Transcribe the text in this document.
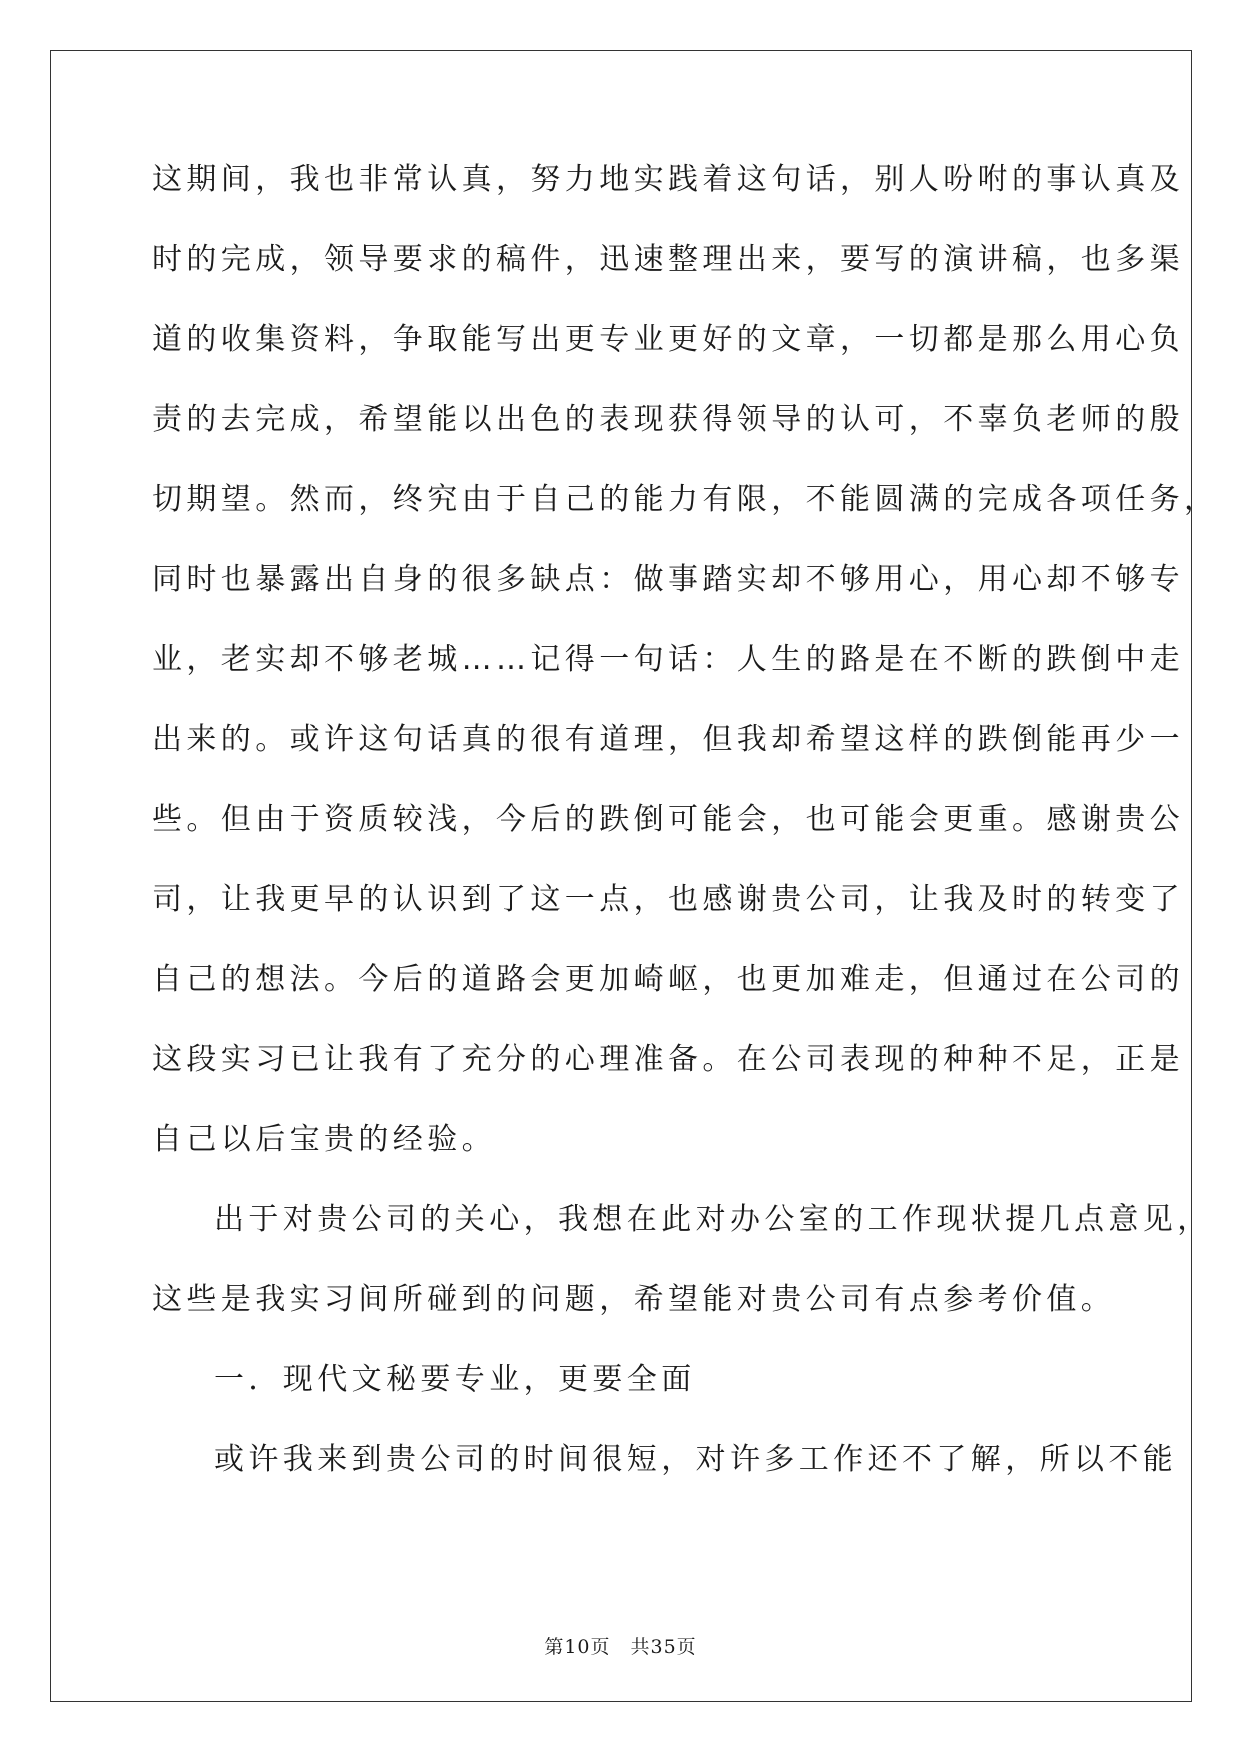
这期间，我也非常认真，努力地实践着这句话，别人吩咐的事认真及
时的完成，领导要求的稿件，迅速整理出来，要写的演讲稿，也多渠
道的收集资料，争取能写出更专业更好的文章，一切都是那么用心负
责的去完成，希望能以出色的表现获得领导的认可，不辜负老师的殷
切期望。然而，终究由于自己的能力有限，不能圆满的完成各项任务，
同时也暴露出自身的很多缺点：做事踏实却不够用心，用心却不够专
业，老实却不够老城……记得一句话：人生的路是在不断的跌倒中走
出来的。或许这句话真的很有道理，但我却希望这样的跌倒能再少一
些。但由于资质较浅，今后的跌倒可能会，也可能会更重。感谢贵公
司，让我更早的认识到了这一点，也感谢贵公司，让我及时的转变了
自己的想法。今后的道路会更加崎岖，也更加难走，但通过在公司的
这段实习已让我有了充分的心理准备。在公司表现的种种不足，正是
自己以后宝贵的经验。
出于对贵公司的关心，我想在此对办公室的工作现状提几点意见，
这些是我实习间所碰到的问题，希望能对贵公司有点参考价值。
一．现代文秘要专业，更要全面
或许我来到贵公司的时间很短，对许多工作还不了解，所以不能
第10页　共35页
